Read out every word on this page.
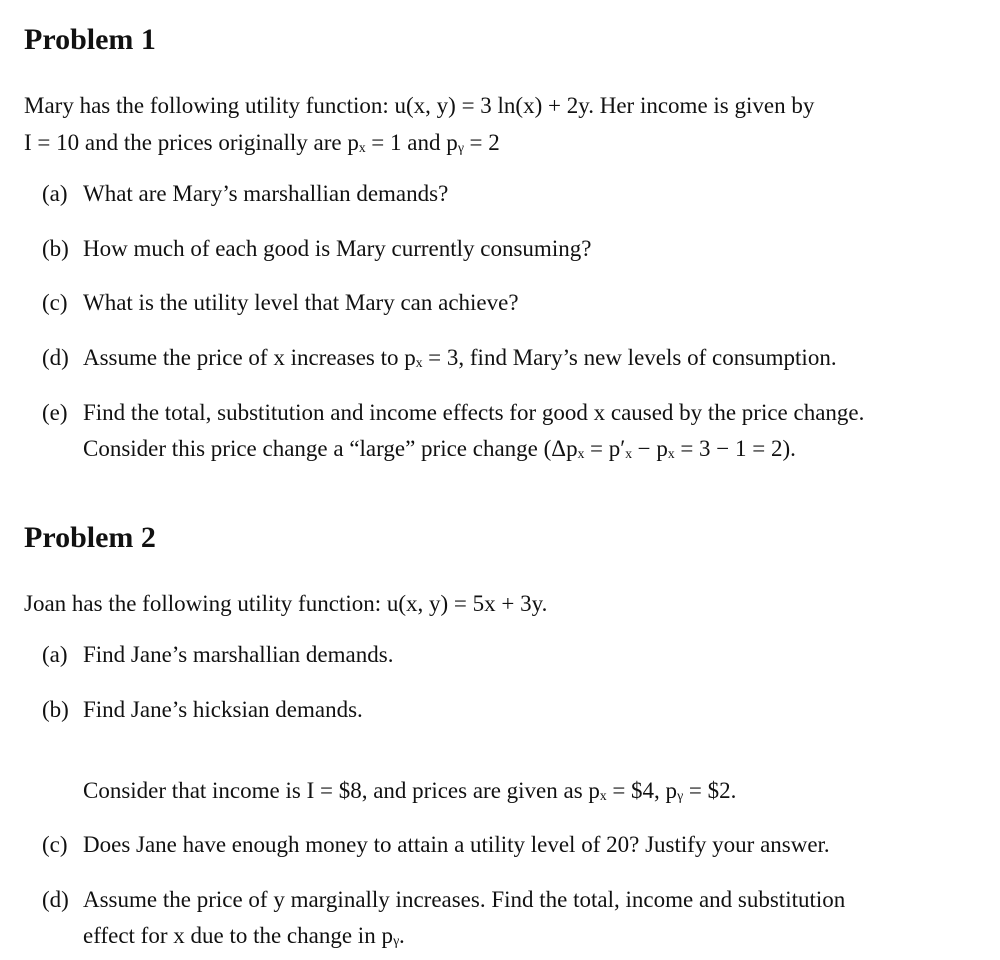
Problem 1
Mary has the following utility function: u(x, y) = 3 ln(x) + 2y. Her income is given by
I = 10 and the prices originally are pₓ = 1 and pᵧ = 2
(a) What are Mary’s marshallian demands?
(b) How much of each good is Mary currently consuming?
(c) What is the utility level that Mary can achieve?
(d) Assume the price of x increases to pₓ = 3, find Mary’s new levels of consumption.
(e) Find the total, substitution and income effects for good x caused by the price change.
Consider this price change a “large” price change (Δpₓ = p′ₓ − pₓ = 3 − 1 = 2).
Problem 2
Joan has the following utility function: u(x, y) = 5x + 3y.
(a) Find Jane’s marshallian demands.
(b) Find Jane’s hicksian demands.
Consider that income is I = $8, and prices are given as pₓ = $4, pᵧ = $2.
(c) Does Jane have enough money to attain a utility level of 20? Justify your answer.
(d) Assume the price of y marginally increases. Find the total, income and substitution
effect for x due to the change in pᵧ.
